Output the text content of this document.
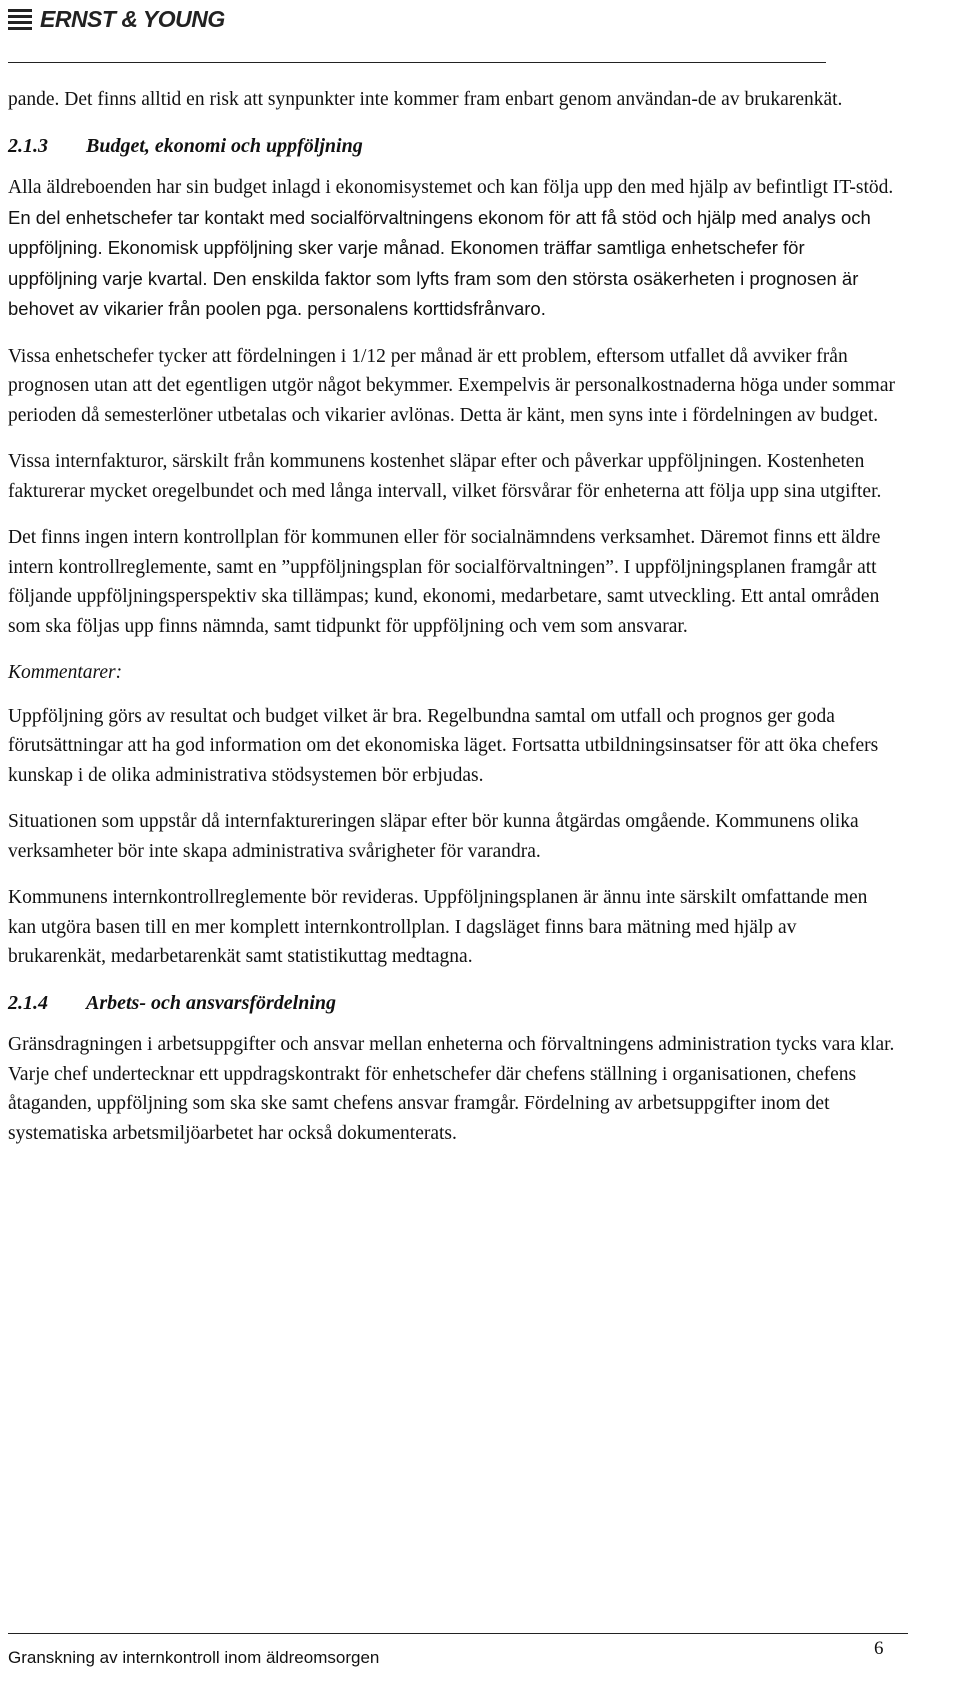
ERNST & YOUNG
pande. Det finns alltid en risk att synpunkter inte kommer fram enbart genom användan-de av brukarenkät.
2.1.3 Budget, ekonomi och uppföljning
Alla äldreboenden har sin budget inlagd i ekonomisystemet och kan följa upp den med hjälp av befintligt IT-stöd. En del enhetschefer tar kontakt med socialförvaltningens ekonom för att få stöd och hjälp med analys och uppföljning. Ekonomisk uppföljning sker varje månad. Ekonomen träffar samtliga enhetschefer för uppföljning varje kvartal. Den enskilda faktor som lyfts fram som den största osäkerheten i prognosen är behovet av vikarier från poolen pga. personalens korttidsfrånvaro.
Vissa enhetschefer tycker att fördelningen i 1/12 per månad är ett problem, eftersom utfallet då avviker från prognosen utan att det egentligen utgör något bekymmer. Exempelvis är personalkostnaderna höga under sommar perioden då semesterlöner utbetalas och vikarier avlönas. Detta är känt, men syns inte i fördelningen av budget.
Vissa internfakturor, särskilt från kommunens kostenhet släpar efter och påverkar uppföljningen. Kostenheten fakturerar mycket oregelbundet och med långa intervall, vilket försvårar för enheterna att följa upp sina utgifter.
Det finns ingen intern kontrollplan för kommunen eller för socialnämndens verksamhet. Däremot finns ett äldre intern kontrollreglemente, samt en ”uppföljningsplan för socialförvaltningen”. I uppföljningsplanen framgår att följande uppföljningsperspektiv ska tillämpas; kund, ekonomi, medarbetare, samt utveckling. Ett antal områden som ska följas upp finns nämnda, samt tidpunkt för uppföljning och vem som ansvarar.
Kommentarer:
Uppföljning görs av resultat och budget vilket är bra. Regelbundna samtal om utfall och prognos ger goda förutsättningar att ha god information om det ekonomiska läget. Fortsatta utbildningsinsatser för att öka chefers kunskap i de olika administrativa stödsystemen bör erbjudas.
Situationen som uppstår då internfaktureringen släpar efter bör kunna åtgärdas omgående. Kommunens olika verksamheter bör inte skapa administrativa svårigheter för varandra.
Kommunens internkontrollreglemente bör revideras. Uppföljningsplanen är ännu inte särskilt omfattande men kan utgöra basen till en mer komplett internkontrollplan. I dagsläget finns bara mätning med hjälp av brukarenkät, medarbetarenkät samt statistikuttag medtagna.
2.1.4 Arbets- och ansvarsfördelning
Gränsdragningen i arbetsuppgifter och ansvar mellan enheterna och förvaltningens administration tycks vara klar. Varje chef undertecknar ett uppdragskontrakt för enhetschefer där chefens ställning i organisationen, chefens åtaganden, uppföljning som ska ske samt chefens ansvar framgår. Fördelning av arbetsuppgifter inom det systematiska arbetsmiljöarbetet har också dokumenterats.
Granskning av internkontroll inom äldreomsorgen	6
